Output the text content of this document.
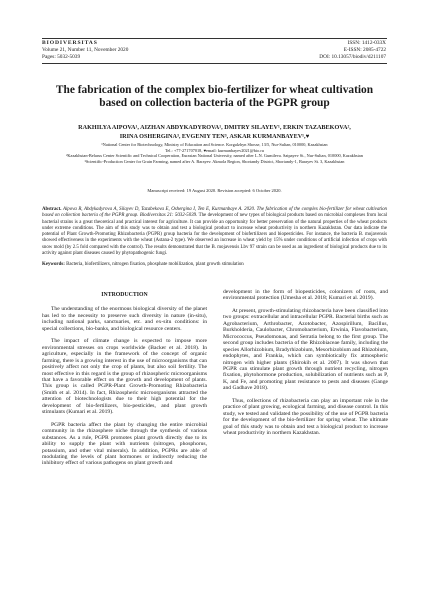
BIODIVERSITAS
Volume 21, Number 11, November 2020
Pages: 5032-5039
ISSN: 1412-033X
E-ISSN: 2085-4722
DOI: 10.13057/biodiv/d211107
The fabrication of the complex bio-fertilizer for wheat cultivation based on collection bacteria of the PGPR group
RAKHILYA AIPOVA¹, AIZHAN ABDYKADYROVA¹, DMITRY SILAYEV¹, ERKIN TAZABEKOVA²,
IRINA OSHERGINA³, EVGENIY TEN³, ASKAR KURMANBAYEV¹,♥

¹National Center for Biotechnology, Ministry of Education and Science. Korgalzhyn Shosse, 13/5, Nur-Sultan, 010000, Kazakhstan

Tel.: +77-271707018, ♥email: kurmanbayev2021@bio.ru

²Kazakhstan-Belarus Center Scientific and Technical Cooperation, Eurasian National University, named after L.N. Gumileva. Satpayev St., Nur-Sultan, 010000, Kazakhstan

³Scientific-Production Center for Grain Farming, named after A. Barayev. Akmola Region, Shortandy District, Shortandy-1, Barayev St. 3, Kazakhstan

Manuscript received: 19 August 2020. Revision accepted: 6 October 2020.

Abstract. Aipova R, Abdykadyrova A, Silayev D, Tazabekova E, Oshergina I, Ten E, Kurmanbaye A. 2020. The fabrication of the complex bio-fertilizer for wheat cultivation based on collection bacteria of the PGPR group. Biodiversitas 21: 5032-5039. The development of new types of biological products based on microbial complexes from local bacterial strains is a great theoretical and practical interest for agriculture. It can provide an opportunity for better preservation of the natural properties of the wheat products under extreme conditions. The aim of this study was to obtain and test a biological product to increase wheat productivity in northern Kazakhstan. Our data indicate the potential of Plant Growth-Promoting Rhizobacteria (PGPR) group bacteria for the development of biofertilizers and biopesticides. For instance, the bacteria B. mojavensis showed effectiveness in the experiments with the wheat (Astana-2 type). We observed an increase in wheat yield by 15% under conditions of artificial infection of crops with snow mold (by 2.5 fold compared with the control). The results demonstrated that the B. mojavensis Lbv 97 strain can be used as an ingredient of biological products due to its activity against plant diseases caused by phytopathogenic fungi.

Keywords: Bacteria, biofertilizers, nitrogen fixation, phosphate mobilization, plant growth stimulation

INTRODUCTION

The understanding of the enormous biological diversity of the planet has led to the necessity to preserve such diversity in nature (in-situ), including national parks, sanctuaries, etc. and ex-situ conditions: in special collections, bio-banks, and biological resource centers.

The impact of climate change is expected to impose more environmental stresses on crops worldwide (Backer et al. 2018). In agriculture, especially in the framework of the concept of organic farming, there is a growing interest in the use of microorganisms that can positively affect not only the crop of plants, but also soil fertility. The most effective in this regard is the group of rhizospheric microorganisms that have a favorable effect on the growth and development of plants. This group is called PGPR-Plant Growth-Promoting Rhizobacteria (Smith et al. 2014). In fact, Rhizospheric microorganisms attracted the attention of biotechnologists due to their high potential for the development of bio-fertilizers, bio-pesticides, and plant growth stimulants (Kumari et al. 2019).

PGPR bacteria affect the plant by changing the entire microbial community in the rhizosphere niche through the synthesis of various substances. As a rule, PGPR promotes plant growth directly due to its ability to supply the plant with nutrients (nitrogen, phosphorus, potassium, and other vital minerals). In addition, PGPRs are able of modulating the levels of plant hormones or indirectly reducing the inhibitory effect of various pathogens on plant growth and

development in the form of biopesticides, colonizers of roots, and environmental protection (Umesha et al. 2018; Kumari et al. 2019).

At present, growth-stimulating rhizobacteria have been classified into two groups: extracellular and intracellular PGPR. Bacterial births such as Agrobacterium, Arthrobacter, Azotobacter, Azospirillum, Bacillus, Burkholderia, Caulobacter, Chromobacterium, Erwinia, Flavobacterium, Micrococcus, Pseudomonas, and Serratia belong to the first group. The second group includes bacteria of the Rhizobiaceae family, including the species Allorhizobium, Bradyrhizobium, Mesorhizobium and Rhizobium, endophytes, and Frankia, which can symbiotically fix atmospheric nitrogen with higher plants (Shirokih et al. 2007). It was shown that PGPR can stimulate plant growth through nutrient recycling, nitrogen fixation, phytohormone production, solubilization of nutrients such as P, K, and Fe, and promoting plant resistance to pests and diseases (Gange and Gadhave 2018).

Thus, collections of rhizobacteria can play an important role in the practice of plant growing, ecological farming, and disease control. In this study, we tested and validated the possibility of the use of PGPR bacteria for the development of the bio-fertilizer for spring wheat. The ultimate goal of this study was to obtain and test a biological product to increase wheat productivity in northern Kazakhstan.
